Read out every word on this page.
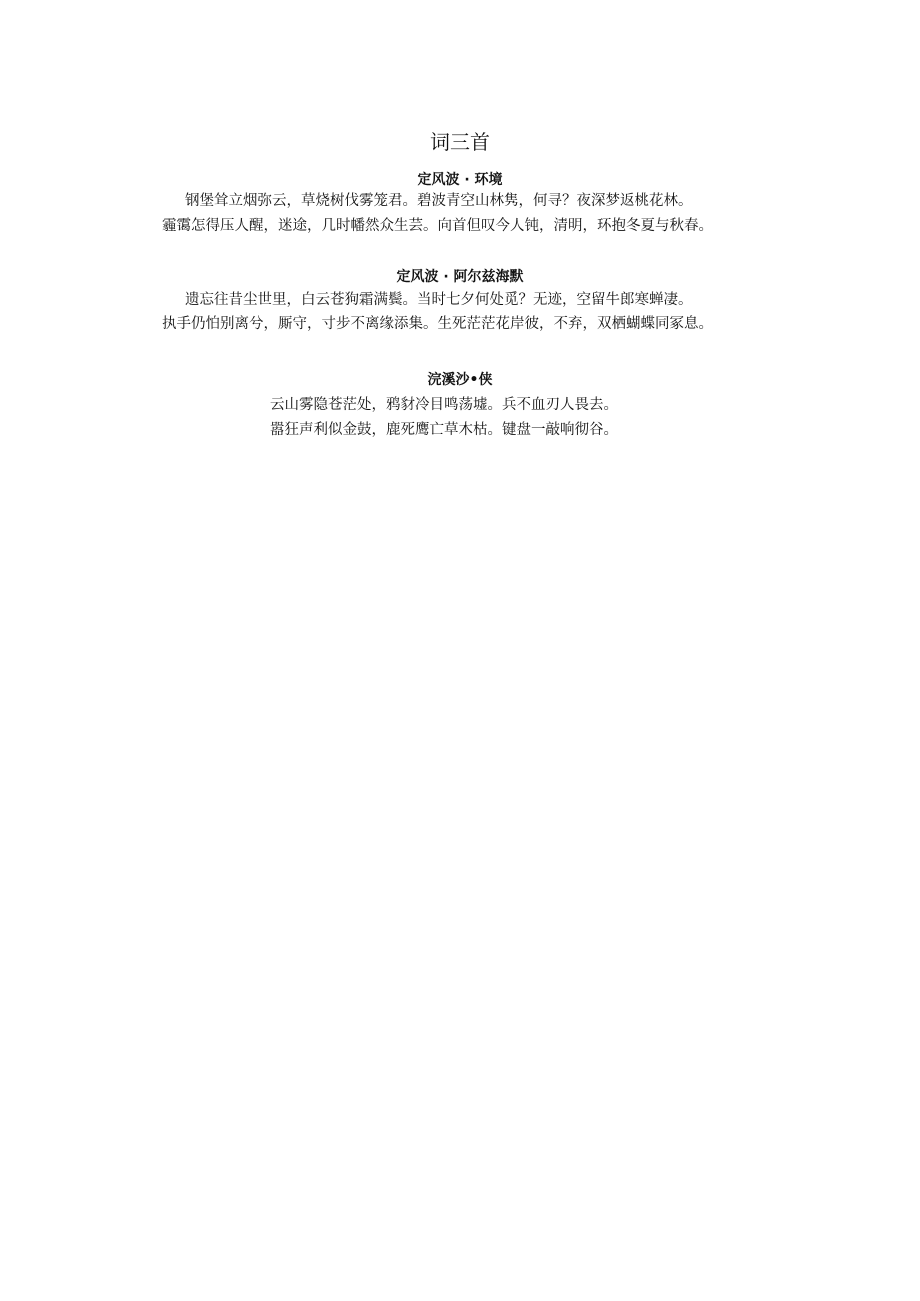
词三首
定风波 · 环境

钢堡耸立烟弥云，草烧树伐雾笼君。碧波青空山林隽，何寻？夜深梦返桃花林。

霾霭怎得压人醒，迷途，几时幡然众生芸。向首但叹今人钝，清明，环抱冬夏与秋春。

定风波 · 阿尔兹海默

遗忘往昔尘世里，白云苍狗霜满鬓。当时七夕何处觅？无迹，空留牛郎寒蝉凄。

执手仍怕别离兮，厮守，寸步不离缘添集。生死茫茫花岸彼，不弃，双栖蝴蝶同冢息。

浣溪沙•侠

云山雾隐苍茫处，鸦豺冷目鸣荡墟。兵不血刃人畏去。

嚣狂声利似金鼓，鹿死鹰亡草木枯。键盘一敲响彻谷。
